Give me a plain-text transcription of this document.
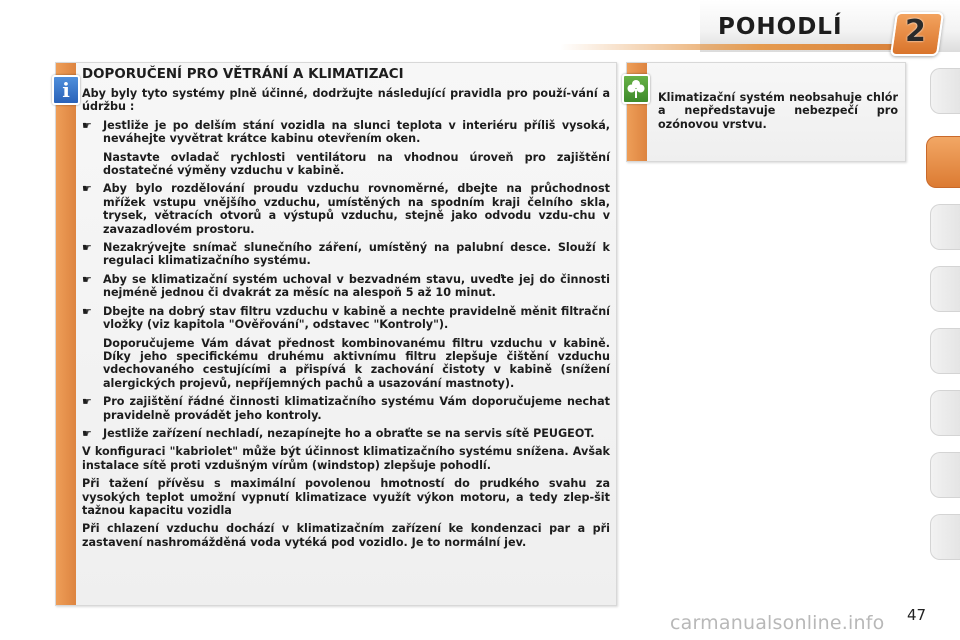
POHODLÍ 2
i
DOPORUČENÍ PRO VĚTRÁNÍ A KLIMATIZACI
Aby byly tyto systémy plně účinné, dodržujte následující pravidla pro použí-vání a údržbu :
☛ Jestliže je po delším stání vozidla na slunci teplota v interiéru příliš vysoká, neváhejte vyvětrat krátce kabinu otevřením oken.
Nastavte ovladač rychlosti ventilátoru na vhodnou úroveň pro zajištění dostatečné výměny vzduchu v kabině.
☛ Aby bylo rozdělování proudu vzduchu rovnoměrné, dbejte na průchodnost mřížek vstupu vnějšího vzduchu, umístěných na spodním kraji čelního skla, trysek, větracích otvorů a výstupů vzduchu, stejně jako odvodu vzdu-chu v zavazadlovém prostoru.
☛ Nezakrývejte snímač slunečního záření, umístěný na palubní desce. Slouží k regulaci klimatizačního systému.
☛ Aby se klimatizační systém uchoval v bezvadném stavu, uveďte jej do činnosti nejméně jednou či dvakrát za měsíc na alespoň 5 až 10 minut.
☛ Dbejte na dobrý stav filtru vzduchu v kabině a nechte pravidelně měnit filtrační vložky (viz kapitola "Ověřování", odstavec "Kontroly").
Doporučujeme Vám dávat přednost kombinovanému filtru vzduchu v kabině. Díky jeho specifickému druhému aktivnímu filtru zlepšuje čištění vzduchu vdechovaného cestujícími a přispívá k zachování čistoty v kabině (snížení alergických projevů, nepříjemných pachů a usazování mastnoty).
☛ Pro zajištění řádné činnosti klimatizačního systému Vám doporučujeme nechat pravidelně provádět jeho kontroly.
☛ Jestliže zařízení nechladí, nezapínejte ho a obraťte se na servis sítě PEUGEOT.
V konfiguraci "kabriolet" může být účinnost klimatizačního systému snížena. Avšak instalace sítě proti vzdušným vírům (windstop) zlepšuje pohodlí.
Při tažení přívěsu s maximální povolenou hmotností do prudkého svahu za vysokých teplot umožní vypnutí klimatizace využít výkon motoru, a tedy zlep-šit tažnou kapacitu vozidla
Při chlazení vzduchu dochází v klimatizačním zařízení ke kondenzaci par a při zastavení nashromážděná voda vytéká pod vozidlo. Je to normální jev.
Klimatizační systém neobsahuje chlór a nepředstavuje nebezpečí pro ozónovou vrstvu.
carmanualsonline.info 47
